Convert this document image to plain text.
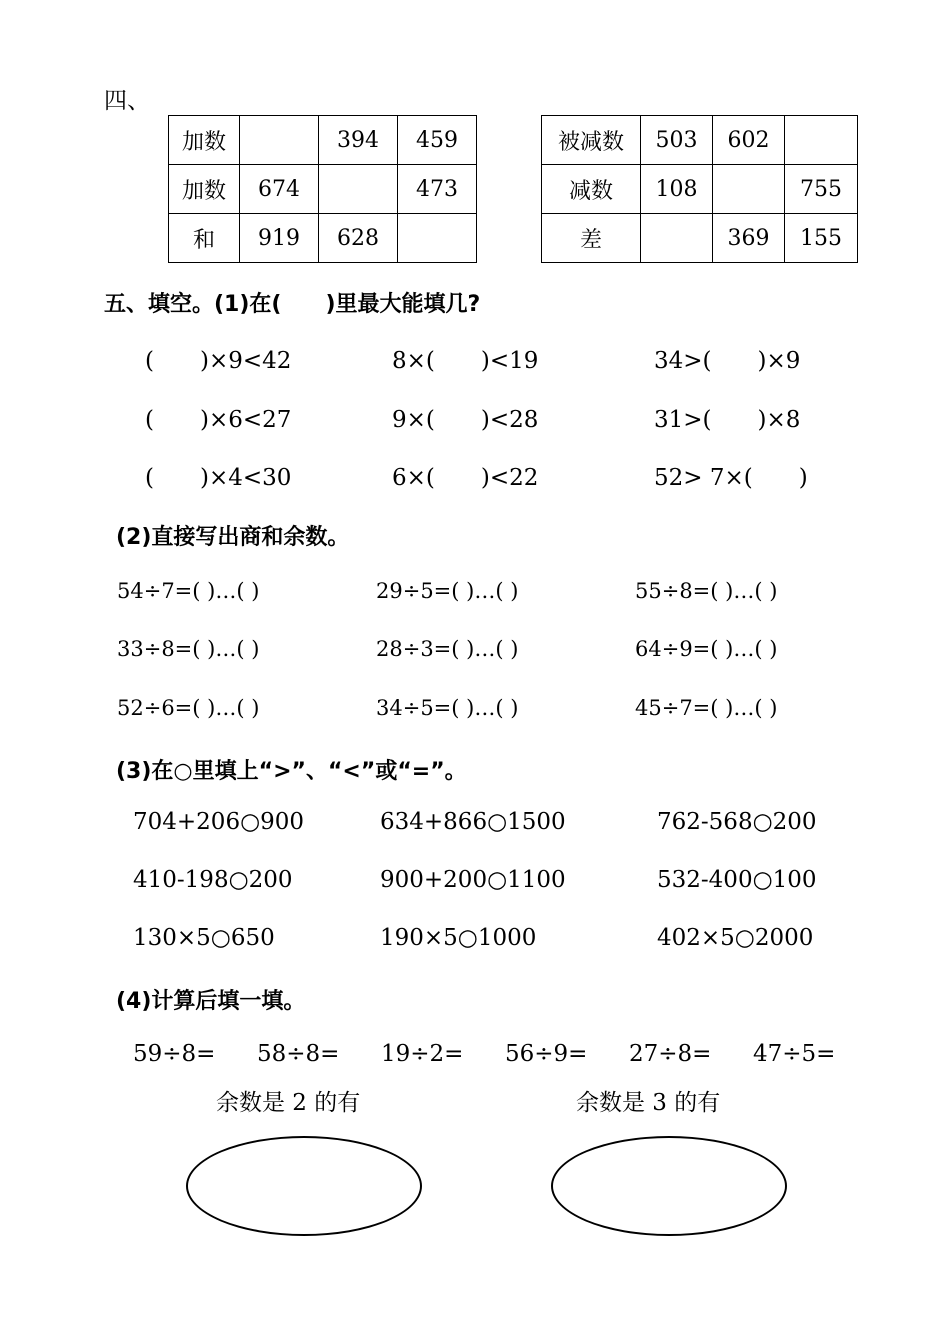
四、
加数		394	459
加数	674		473
和	919	628	
被减数	503	602	
减数	108		755
差		369	155
五、填空。(1)在(　　)里最大能填几?
(　　)×9<42	8×(　　)<19	34>(　　)×9
(　　)×6<27	9×(　　)<28	31>(　　)×8
(　　)×4<30	6×(　　)<22	52> 7×(　　)
(2)直接写出商和余数。
54÷7=( )…( )	29÷5=( )…( )	55÷8=( )…( )
33÷8=( )…( )	28÷3=( )…( )	64÷9=( )…( )
52÷6=( )…( )	34÷5=( )…( )	45÷7=( )…( )
(3)在○里填上“>”、“<”或“=”。
704+206○900	634+866○1500	762-568○200
410-198○200	900+200○1100	532-400○100
130×5○650	190×5○1000	402×5○2000
(4)计算后填一填。
59÷8= 58÷8= 19÷2= 56÷9= 27÷8= 47÷5=
余数是 2 的有	余数是 3 的有
